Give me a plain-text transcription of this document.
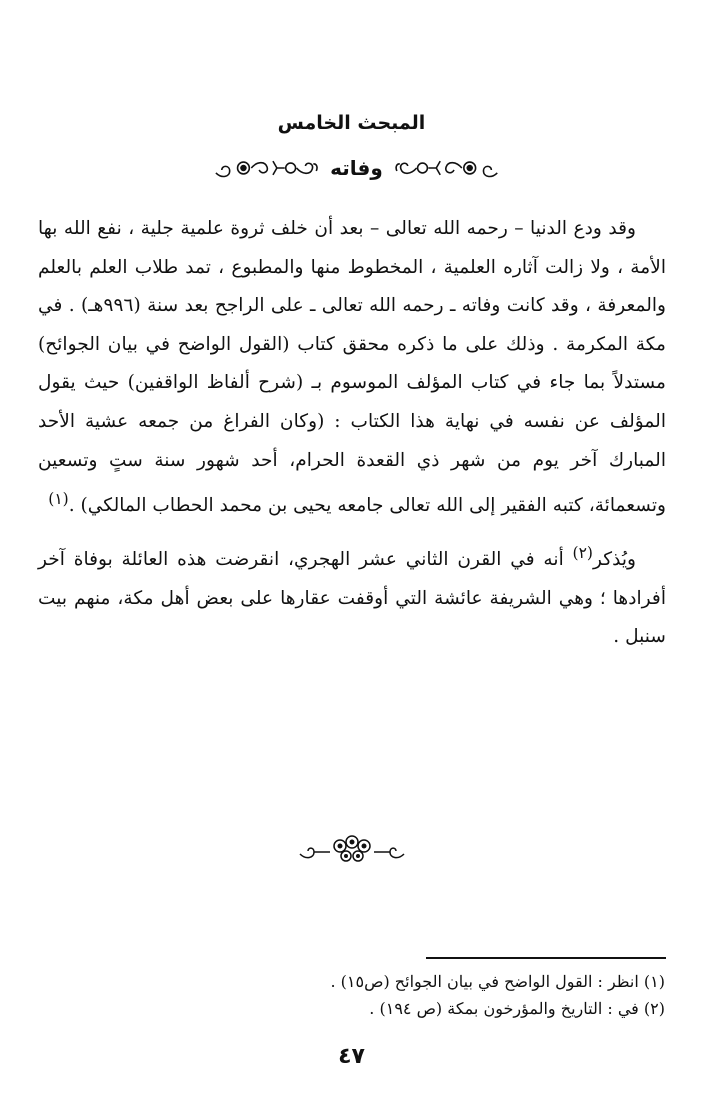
المبحث الخامس
وفاته

وقد ودع الدنيا – رحمه الله تعالى – بعد أن خلف ثروة علمية جلية ، نفع الله بها الأمة ، ولا زالت آثاره العلمية ، المخطوط منها والمطبوع ، تمد طلاب العلم بالعلم والمعرفة ، وقد كانت وفاته ـ رحمه الله تعالى ـ على الراجح بعد سنة (٩٩٦هـ) . في مكة المكرمة . وذلك على ما ذكره محقق كتاب (القول الواضح في بيان الجوائح) مستدلاً بما جاء في كتاب المؤلف الموسوم بـ (شرح ألفاظ الواقفين) حيث يقول المؤلف عن نفسه في نهاية هذا الكتاب : (وكان الفراغ من جمعه عشية الأحد المبارك آخر يوم من شهر ذي القعدة الحرام، أحد شهور سنة ستٍ وتسعين وتسعمائة، كتبه الفقير إلى الله تعالى جامعه يحيى بن محمد الحطاب المالكي) .$^{(١)}$

ويُذكر$^{(٢)}$ أنه في القرن الثاني عشر الهجري، انقرضت هذه العائلة بوفاة آخر أفرادها ؛ وهي الشريفة عائشة التي أوقفت عقارها على بعض أهل مكة، منهم بيت سنبل .

(١) انظر : القول الواضح في بيان الجوائح (ص١٥) .
(٢) في : التاريخ والمؤرخون بمكة (ص ١٩٤) .
٤٧
